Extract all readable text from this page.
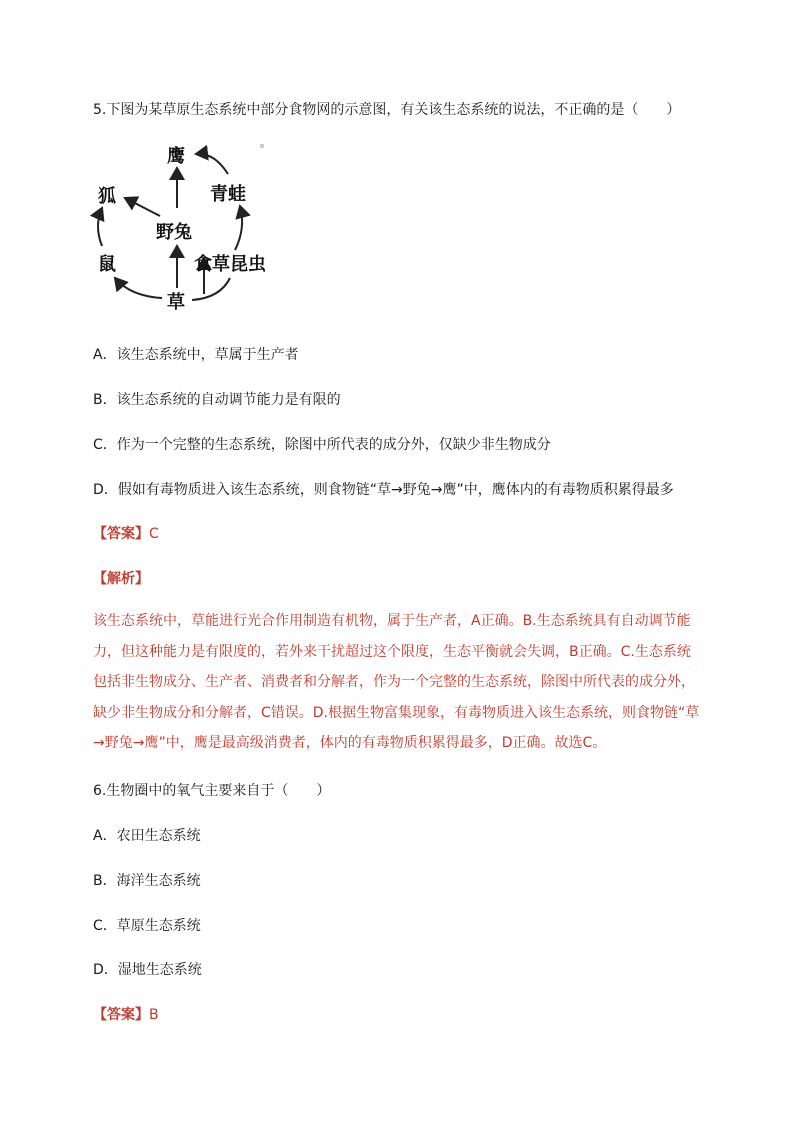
5.下图为某草原生态系统中部分食物网的示意图，有关该生态系统的说法，不正确的是（　　）
鹰
青蛙
狐
野兔
鼠	食草昆虫
草
A．该生态系统中，草属于生产者
B．该生态系统的自动调节能力是有限的
C．作为一个完整的生态系统，除图中所代表的成分外，仅缺少非生物成分
D．假如有毒物质进入该生态系统，则食物链“草→野兔→鹰”中，鹰体内的有毒物质积累得最多
【答案】C
【解析】
该生态系统中，草能进行光合作用制造有机物，属于生产者，A正确。B.生态系统具有自动调节能
力，但这种能力是有限度的，若外来干扰超过这个限度，生态平衡就会失调，B正确。C.生态系统
包括非生物成分、生产者、消费者和分解者，作为一个完整的生态系统，除图中所代表的成分外，
缺少非生物成分和分解者，C错误。D.根据生物富集现象，有毒物质进入该生态系统，则食物链“草
→野兔→鹰”中，鹰是最高级消费者，体内的有毒物质积累得最多，D正确。故选C。
6.生物圈中的氧气主要来自于（　　）
A．农田生态系统
B．海洋生态系统
C．草原生态系统
D．湿地生态系统
【答案】B
